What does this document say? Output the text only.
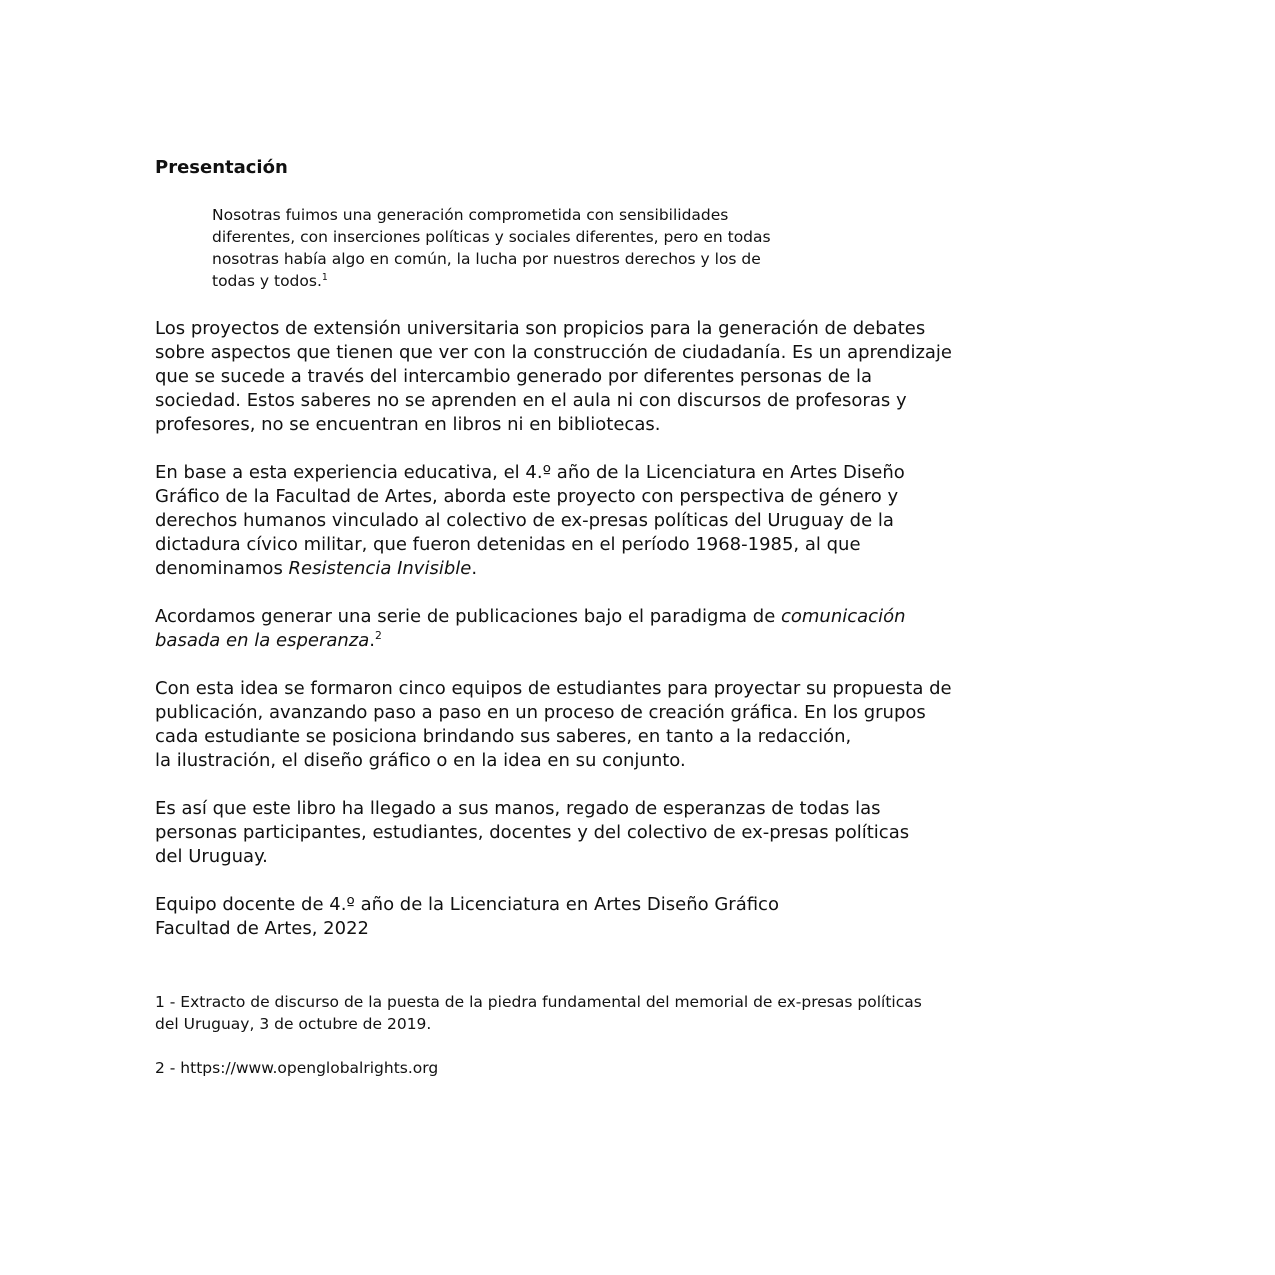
Presentación
Nosotras fuimos una generación comprometida con sensibilidades
diferentes, con inserciones políticas y sociales diferentes, pero en todas
nosotras había algo en común, la lucha por nuestros derechos y los de
todas y todos.$^1$
Los proyectos de extensión universitaria son propicios para la generación de debates
sobre aspectos que tienen que ver con la construcción de ciudadanía. Es un aprendizaje
que se sucede a través del intercambio generado por diferentes personas de la
sociedad. Estos saberes no se aprenden en el aula ni con discursos de profesoras y
profesores, no se encuentran en libros ni en bibliotecas.
En base a esta experiencia educativa, el 4.º año de la Licenciatura en Artes Diseño
Gráfico de la Facultad de Artes, aborda este proyecto con perspectiva de género y
derechos humanos vinculado al colectivo de ex-presas políticas del Uruguay de la
dictadura cívico militar, que fueron detenidas en el período 1968-1985, al que
denominamos Resistencia Invisible.
Acordamos generar una serie de publicaciones bajo el paradigma de comunicación
basada en la esperanza.$^2$
Con esta idea se formaron cinco equipos de estudiantes para proyectar su propuesta de
publicación, avanzando paso a paso en un proceso de creación gráfica. En los grupos
cada estudiante se posiciona brindando sus saberes, en tanto a la redacción,
la ilustración, el diseño gráfico o en la idea en su conjunto.
Es así que este libro ha llegado a sus manos, regado de esperanzas de todas las
personas participantes, estudiantes, docentes y del colectivo de ex-presas políticas
del Uruguay.
Equipo docente de 4.º año de la Licenciatura en Artes Diseño Gráfico
Facultad de Artes, 2022
1 - Extracto de discurso de la puesta de la piedra fundamental del memorial de ex-presas políticas
del Uruguay, 3 de octubre de 2019.
2 - https://www.openglobalrights.org
